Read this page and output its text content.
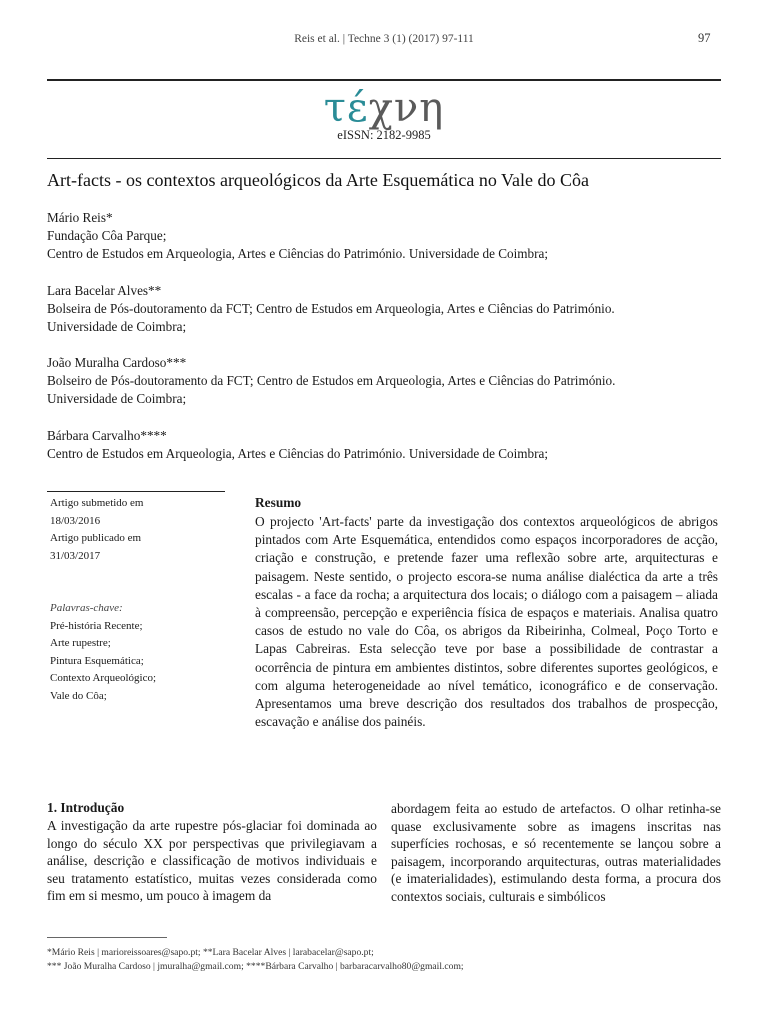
Reis et al. | Techne 3 (1) (2017) 97-111	97
τέχνη
eISSN: 2182-9985
Art-facts - os contextos arqueológicos da Arte Esquemática no Vale do Côa
Mário Reis*
Fundação Côa Parque;
Centro de Estudos em Arqueologia, Artes e Ciências do Património. Universidade de Coimbra;
Lara Bacelar Alves**
Bolseira de Pós-doutoramento da FCT; Centro de Estudos em Arqueologia, Artes e Ciências do Património.
Universidade de Coimbra;
João Muralha Cardoso***
Bolseiro de Pós-doutoramento da FCT; Centro de Estudos em Arqueologia, Artes e Ciências do Património.
Universidade de Coimbra;
Bárbara Carvalho****
Centro de Estudos em Arqueologia, Artes e Ciências do Património. Universidade de Coimbra;
Artigo submetido em
18/03/2016
Artigo publicado em
31/03/2017
Palavras-chave:
Pré-história Recente;
Arte rupestre;
Pintura Esquemática;
Contexto Arqueológico;
Vale do Côa;
Resumo
O projecto 'Art-facts' parte da investigação dos contextos arqueológicos de abrigos pintados com Arte Esquemática, entendidos como espaços incorporadores de acção, criação e construção, e pretende fazer uma reflexão sobre arte, arquitecturas e paisagem. Neste sentido, o projecto escora-se numa análise dialéctica da arte a três escalas - a face da rocha; a arquitectura dos locais; o diálogo com a paisagem – aliada à compreensão, percepção e experiência física de espaços e materiais. Analisa quatro casos de estudo no vale do Côa, os abrigos da Ribeirinha, Colmeal, Poço Torto e Lapas Cabreiras. Esta selecção teve por base a possibilidade de contrastar a ocorrência de pintura em ambientes distintos, sobre diferentes suportes geológicos, e com alguma heterogeneidade ao nível temático, iconográfico e de conservação. Apresentamos uma breve descrição dos resultados dos trabalhos de prospecção, escavação e análise dos painéis.
1. Introdução
A investigação da arte rupestre pós-glaciar foi dominada ao longo do século XX por perspectivas que privilegiavam a análise, descrição e classificação de motivos individuais e seu tratamento estatístico, muitas vezes considerada como fim em si mesmo, um pouco à imagem da
abordagem feita ao estudo de artefactos. O olhar retinha-se quase exclusivamente sobre as imagens inscritas nas superfícies rochosas, e só recentemente se lançou sobre a paisagem, incorporando arquitecturas, outras materialidades (e imaterialidades), estimulando desta forma, a procura dos contextos sociais, culturais e simbólicos
*Mário Reis | marioreissoares@sapo.pt; **Lara Bacelar Alves | larabacelar@sapo.pt;
*** João Muralha Cardoso | jmuralha@gmail.com; ****Bárbara Carvalho | barbaracarvalho80@gmail.com;
